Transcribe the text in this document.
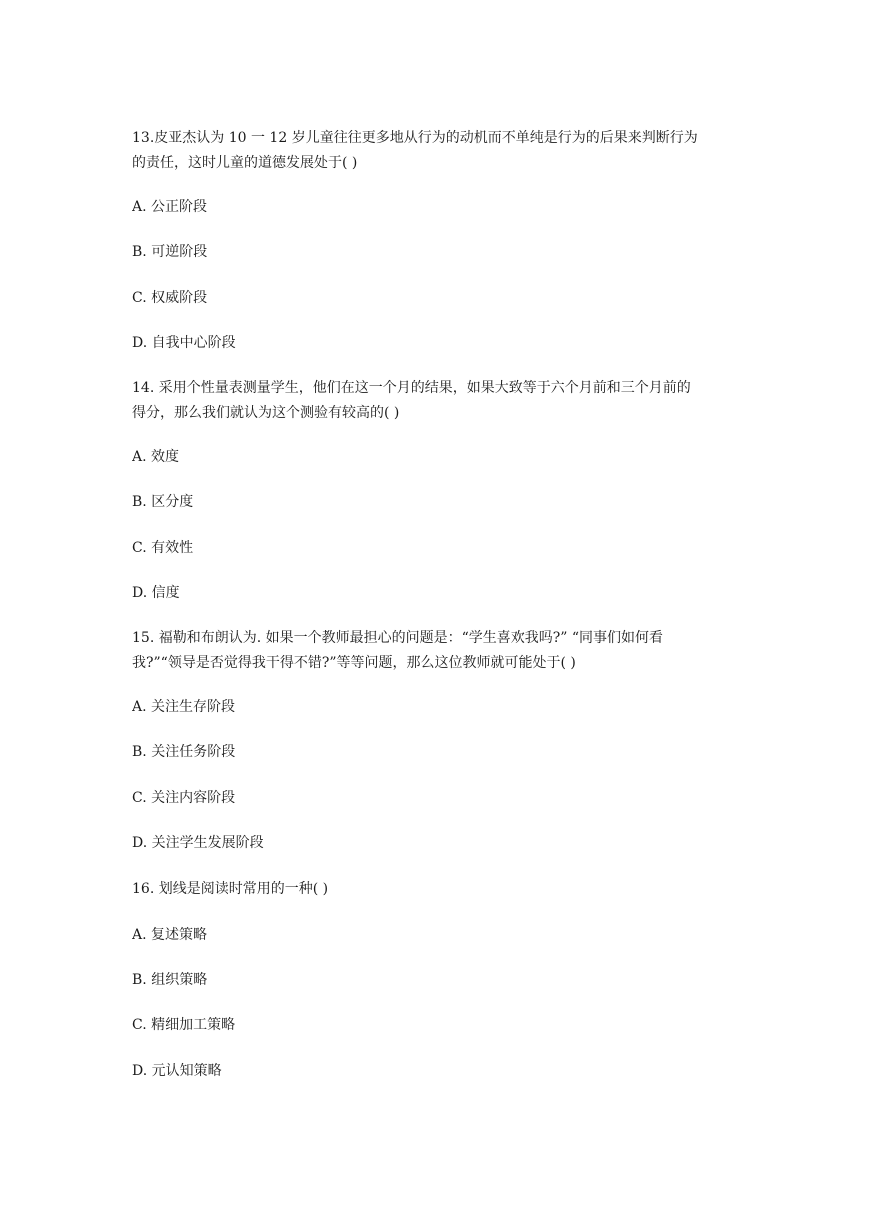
13.皮亚杰认为 10 一 12 岁儿童往往更多地从行为的动机而不单纯是行为的后果来判断行为
的责任，这时儿童的道德发展处于( )
A. 公正阶段
B. 可逆阶段
C. 权威阶段
D. 自我中心阶段
14. 采用个性量表测量学生，他们在这一个月的结果，如果大致等于六个月前和三个月前的
得分，那么我们就认为这个测验有较高的( )
A. 效度
B. 区分度
C. 有效性
D. 信度
15. 福勒和布朗认为. 如果一个教师最担心的问题是：“学生喜欢我吗?” “同事们如何看
我?”“领导是否觉得我干得不错?”等等问题，那么这位教师就可能处于( )
A. 关注生存阶段
B. 关注任务阶段
C. 关注内容阶段
D. 关注学生发展阶段
16. 划线是阅读时常用的一种( )
A. 复述策略
B. 组织策略
C. 精细加工策略
D. 元认知策略
